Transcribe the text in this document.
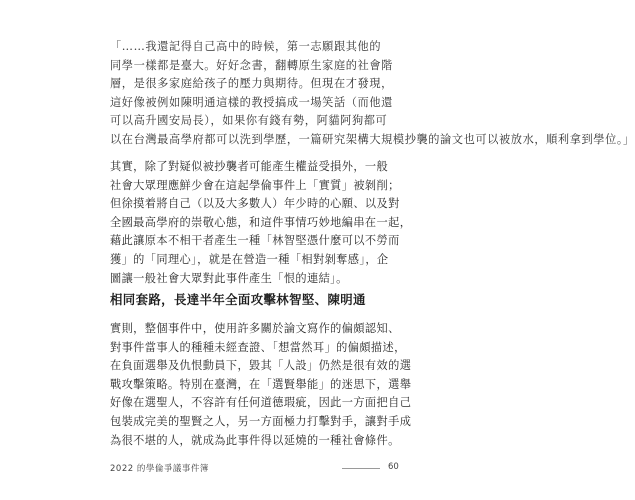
「……我還記得自己高中的時候，第一志願跟其他的
同學一樣都是臺大。好好念書，翻轉原生家庭的社會階
層，是很多家庭給孩子的壓力與期待。但現在才發現，
這好像被例如陳明通這樣的教授搞成一場笑話（而他還
可以高升國安局長），如果你有錢有勢，阿貓阿狗都可
以在台灣最高學府都可以洗到學歷，一篇研究架構大規模抄襲的論文也可以被放水，順利拿到學位。」
其實，除了對疑似被抄襲者可能產生權益受損外，一般
社會大眾理應鮮少會在這起學倫事件上「實質」被剝削；
但徐摸着將自己（以及大多數人）年少時的心願、以及對
全國最高學府的崇敬心態，和這件事情巧妙地編串在一起，
藉此讓原本不相干者產生一種「林智堅憑什麼可以不勞而
獲」的「同理心」，就是在營造一種「相對剝奪感」，企
圖讓一般社會大眾對此事件產生「恨的連結」。
相同套路，長達半年全面攻擊林智堅、陳明通
實則，整個事件中，使用許多關於論文寫作的偏頗認知、
對事件當事人的種種未經查證、「想當然耳」的偏頗描述，
在負面選舉及仇恨動員下，毀其「人設」仍然是很有效的選
戰攻擊策略。特別在臺灣，在「選賢舉能」的迷思下，選舉
好像在選聖人，不容許有任何道德瑕疵，因此一方面把自己
包裝成完美的聖賢之人，另一方面極力打擊對手，讓對手成
為很不堪的人，就成為此事件得以延燒的一種社會條件。
2022 的學倫爭議事件簿	60
